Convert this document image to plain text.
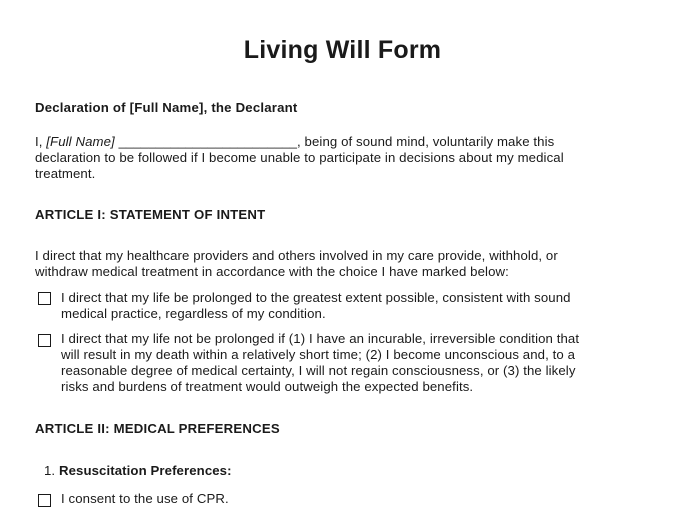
Living Will Form
Declaration of [Full Name], the Declarant
I, [Full Name] ________________________, being of sound mind, voluntarily make this
declaration to be followed if I become unable to participate in decisions about my medical
treatment.
ARTICLE I: STATEMENT OF INTENT
I direct that my healthcare providers and others involved in my care provide, withhold, or
withdraw medical treatment in accordance with the choice I have marked below:
I direct that my life be prolonged to the greatest extent possible, consistent with sound
medical practice, regardless of my condition.
I direct that my life not be prolonged if (1) I have an incurable, irreversible condition that
will result in my death within a relatively short time; (2) I become unconscious and, to a
reasonable degree of medical certainty, I will not regain consciousness, or (3) the likely
risks and burdens of treatment would outweigh the expected benefits.
ARTICLE II: MEDICAL PREFERENCES
1. Resuscitation Preferences:
I consent to the use of CPR.
